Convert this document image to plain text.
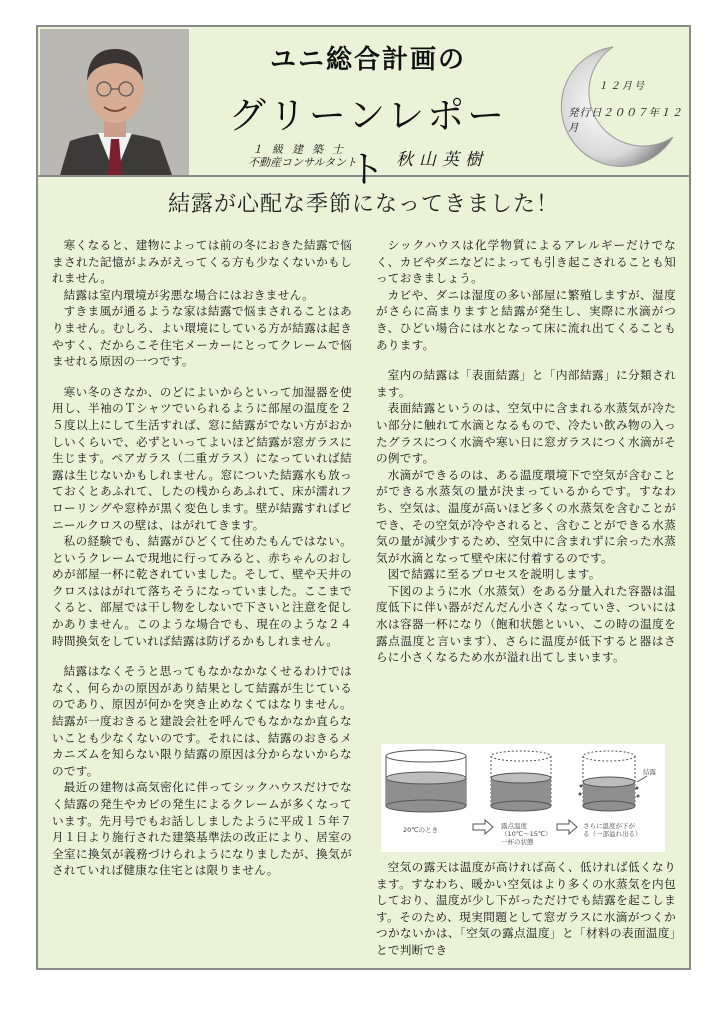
ユニ総合計画の
グリーンレポート
１級建築士
不動産コンサルタント 秋山英樹
１２月号
発行日２００７年１２月
結露が心配な季節になってきました！

寒くなると、建物によっては前の冬におきた結露で悩まされた記憶がよみがえってくる方も少なくないかもしれません。

結露は室内環境が劣悪な場合にはおきません。

すきま風が通るような家は結露で悩まされることはありません。むしろ、よい環境にしている方が結露は起きやすく、だからこそ住宅メーカーにとってクレームで悩ませれる原因の一つです。

寒い冬のさなか、のどによいからといって加湿器を使用し、半袖のＴシャツでいられるように部屋の温度を２５度以上にして生活すれば、窓に結露がでない方がおかしいくらいで、必ずといってよいほど結露が窓ガラスに生じます。ペアガラス（二重ガラス）になっていれば結露は生じないかもしれません。窓についた結露水も放っておくとあふれて、したの桟からあふれて、床が濡れフローリングや窓枠が黒く変色します。壁が結露すればビニールクロスの壁は、はがれてきます。

私の経験でも、結露がひどくて住めたもんではない。というクレームで現地に行ってみると、赤ちゃんのおしめが部屋一杯に乾されていました。そして、壁や天井のクロスははがれて落ちそうになっていました。ここまでくると、部屋では干し物をしないで下さいと注意を促しかありません。このような場合でも、現在のような２４時間換気をしていれば結露は防げるかもしれません。

結露はなくそうと思ってもなかなかなくせるわけではなく、何らかの原因があり結果として結露が生じているのであり、原因が何かを突き止めなくてはなりません。結露が一度おきると建設会社を呼んでもなかなか直らないことも少なくないのです。それには、結露のおきるメカニズムを知らない限り結露の原因は分からないからなのです。

最近の建物は高気密化に伴ってシックハウスだけでなく結露の発生やカビの発生によるクレームが多くなっています。先月号でもお話ししましたように平成１５年７月１日より施行された建築基準法の改正により、居室の全室に換気が義務づけられようになりましたが、換気がされていれば健康な住宅とは限りません。

シックハウスは化学物質によるアレルギーだけでなく、カビやダニなどによっても引き起こされることも知っておきましょう。

カビや、ダニは湿度の多い部屋に繁殖しますが、湿度がさらに高まりますと結露が発生し、実際に水滴がつき、ひどい場合には水となって床に流れ出てくることもあります。

室内の結露は「表面結露」と「内部結露」に分類されます。

表面結露というのは、空気中に含まれる水蒸気が冷たい部分に触れて水滴となるもので、冷たい飲み物の入ったグラスにつく水滴や寒い日に窓ガラスにつく水滴がその例です。

水滴ができるのは、ある温度環境下で空気が含むことができる水蒸気の量が決まっているからです。すなわち、空気は、温度が高いほど多くの水蒸気を含むことができ、その空気が冷やされると、含むことができる水蒸気の量が減少するため、空気中に含まれずに余った水蒸気が水滴となって壁や床に付着するのです。

図で結露に至るプロセスを説明します。

下図のように水（水蒸気）をある分量入れた容器は温度低下に伴い器がだんだん小さくなっていき、ついには水は容器一杯になり（飽和状態といい、この時の温度を露点温度と言います）、さらに温度が低下すると器はさらに小さくなるため水が溢れ出てしまいます。

結露
20℃のとき	露点温度（10℃〜15℃）一杯の状態
さらに温度が下がる（一部溢れ出る）

空気の露天は温度が高ければ高く、低ければ低くなります。すなわち、暖かい空気はより多くの水蒸気を内包しており、温度が少し下がっただけでも結露を起こします。そのため、現実問題として窓ガラスに水滴がつくかつかないかは、「空気の露点温度」と「材料の表面温度」とで判断でき
